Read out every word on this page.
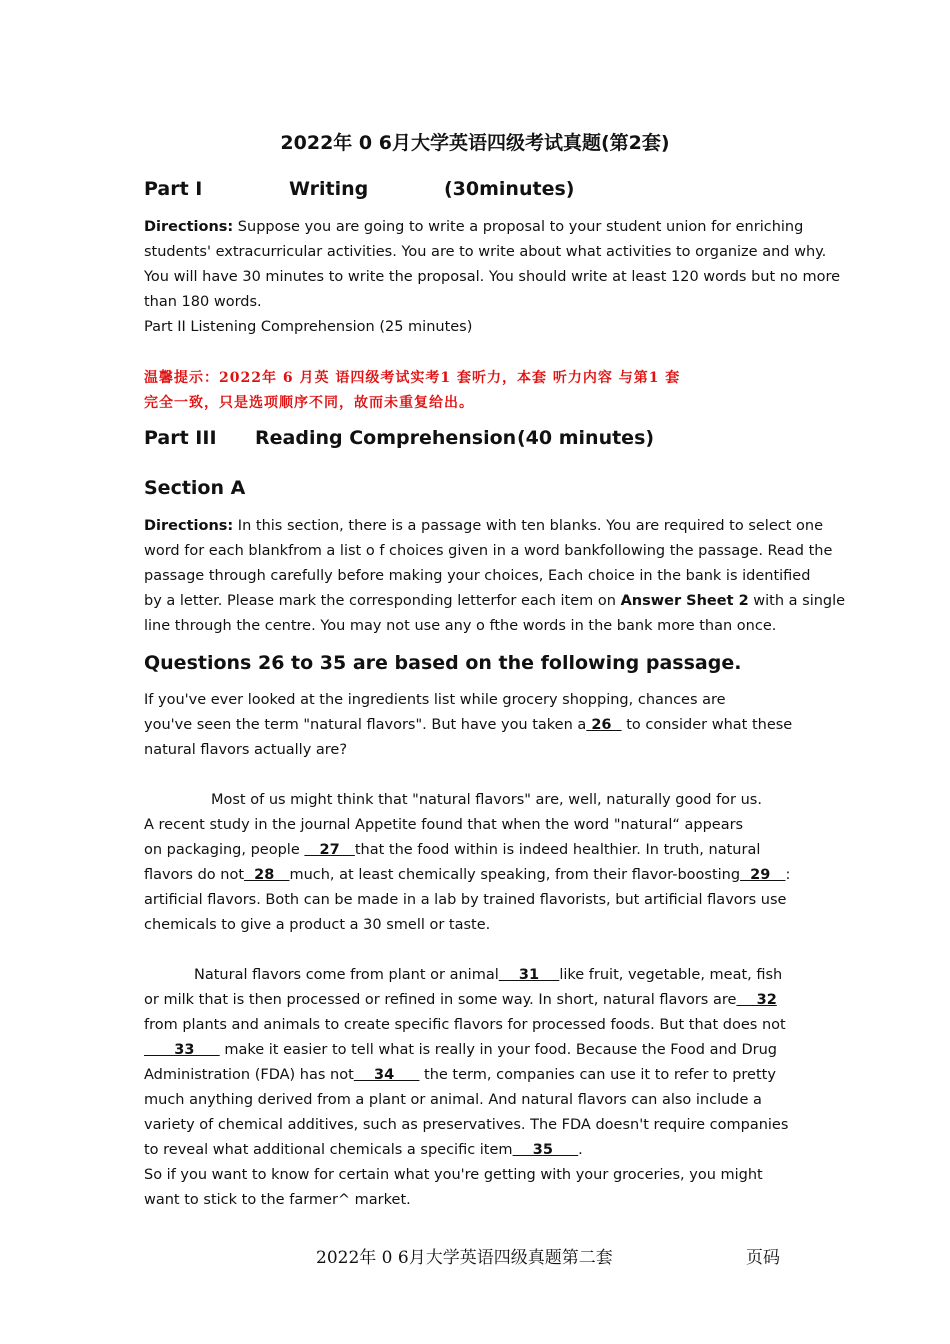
2022年 0 6月大学英语四级考试真题(第2套)
Part I	Writing	(30minutes)
Directions: Suppose you are going to write a proposal to your student union for enriching
students' extracurricular activities. You are to write about what activities to organize and why.
You will have 30 minutes to write the proposal. You should write at least 120 words but no more
than 180 words.
Part II Listening Comprehension (25 minutes)
温馨提示：2022年 6 月英 语四级考试实考1 套听力，本套 听力内容 与第1 套
完全一致，只是选项顺序不同，故而未重复给出。
Part III Reading Comprehension (40 minutes)
Section A
Directions: In this section, there is a passage with ten blanks. You are required to select one
word for each blankfrom a list o f choices given in a word bankfollowing the passage. Read the
passage through carefully before making your choices, Each choice in the bank is identified
by a letter. Please mark the corresponding letterfor each item on Answer Sheet 2 with a single
line through the centre. You may not use any o fthe words in the bank more than once.
Questions 26 to 35 are based on the following passage.
If you've ever looked at the ingredients list while grocery shopping, chances are
you've seen the term "natural flavors". But have you taken a 26   to consider what these
natural flavors actually are?
Most of us might think that "natural flavors" are, well, naturally good for us.
A recent study in the journal Appetite found that when the word "natural“ appears
on packaging, people    27   that the food within is indeed healthier. In truth, natural
flavors do not  28   much, at least chemically speaking, from their flavor-boosting  29   :
artificial flavors. Both can be made in a lab by trained flavorists, but artificial flavors use
chemicals to give a product a 30 smell or taste.
Natural flavors come from plant or animal    31    like fruit, vegetable, meat, fish
or milk that is then processed or refined in some way. In short, natural flavors are    32
from plants and animals to create specific flavors for processed foods. But that does not
33      make it easier to tell what is really in your food. Because the Food and Drug
Administration (FDA) has not    34      the term, companies can use it to refer to pretty
much anything derived from a plant or animal. And natural flavors can also include a
variety of chemical additives, such as preservatives. The FDA doesn't require companies
to reveal what additional chemicals a specific item    35     .
So if you want to know for certain what you're getting with your groceries, you might
want to stick to the farmer^ market.
2022年 0 6月大学英语四级真题第二套	页码
